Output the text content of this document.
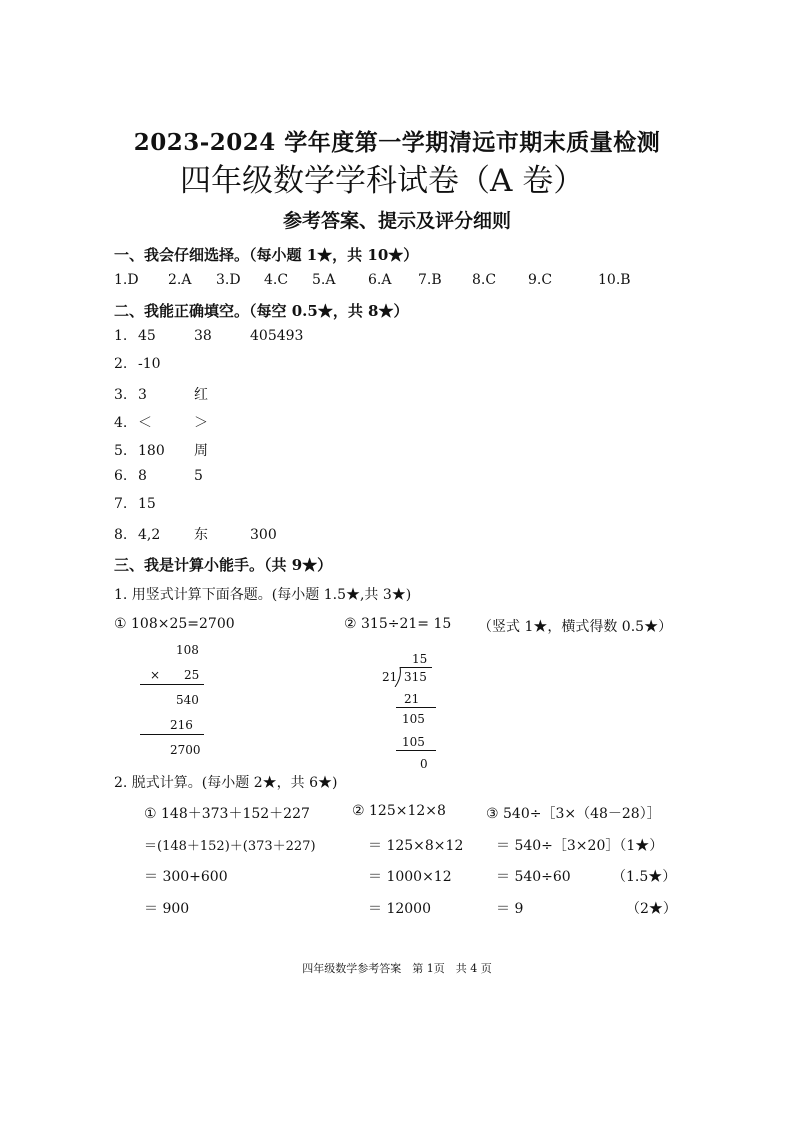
2023-2024 学年度第一学期清远市期末质量检测
四年级数学学科试卷（A 卷）
参考答案、提示及评分细则
一、我会仔细选择。（每小题 1★，共 10★）
1.D 2.A 3.D 4.C 5.A 6.A 7.B 8.C 9.C	10.B
二、我能正确填空。（每空 0.5★，共 8★）
1. 45	38	405493
2. -10
3. 3	红
4. ＜	＞
5. 180 周
6. 8	5
7. 15
8. 4,2 东	300
三、我是计算小能手。（共 9★）
1. 用竖式计算下面各题。(每小题 1.5★,共 3★)
① 108×25=2700	② 315÷21= 15 （竖式 1★，横式得数 0.5★）
108
× 25
540
216
2700
15
21 315
21
105
105
0
2. 脱式计算。(每小题 2★，共 6★)
① 148＋373＋152＋227
＝(148＋152)＋(373＋227)
＝ 300+600
＝ 900
② 125×12×8
＝ 125×8×12
＝ 1000×12
＝ 12000
③ 540÷［3×（48－28）］
＝ 540÷［3×20］（1★）
＝ 540÷60
＝ 9
（1.5★）
（2★）
四年级数学参考答案　第 1页　共 4 页
